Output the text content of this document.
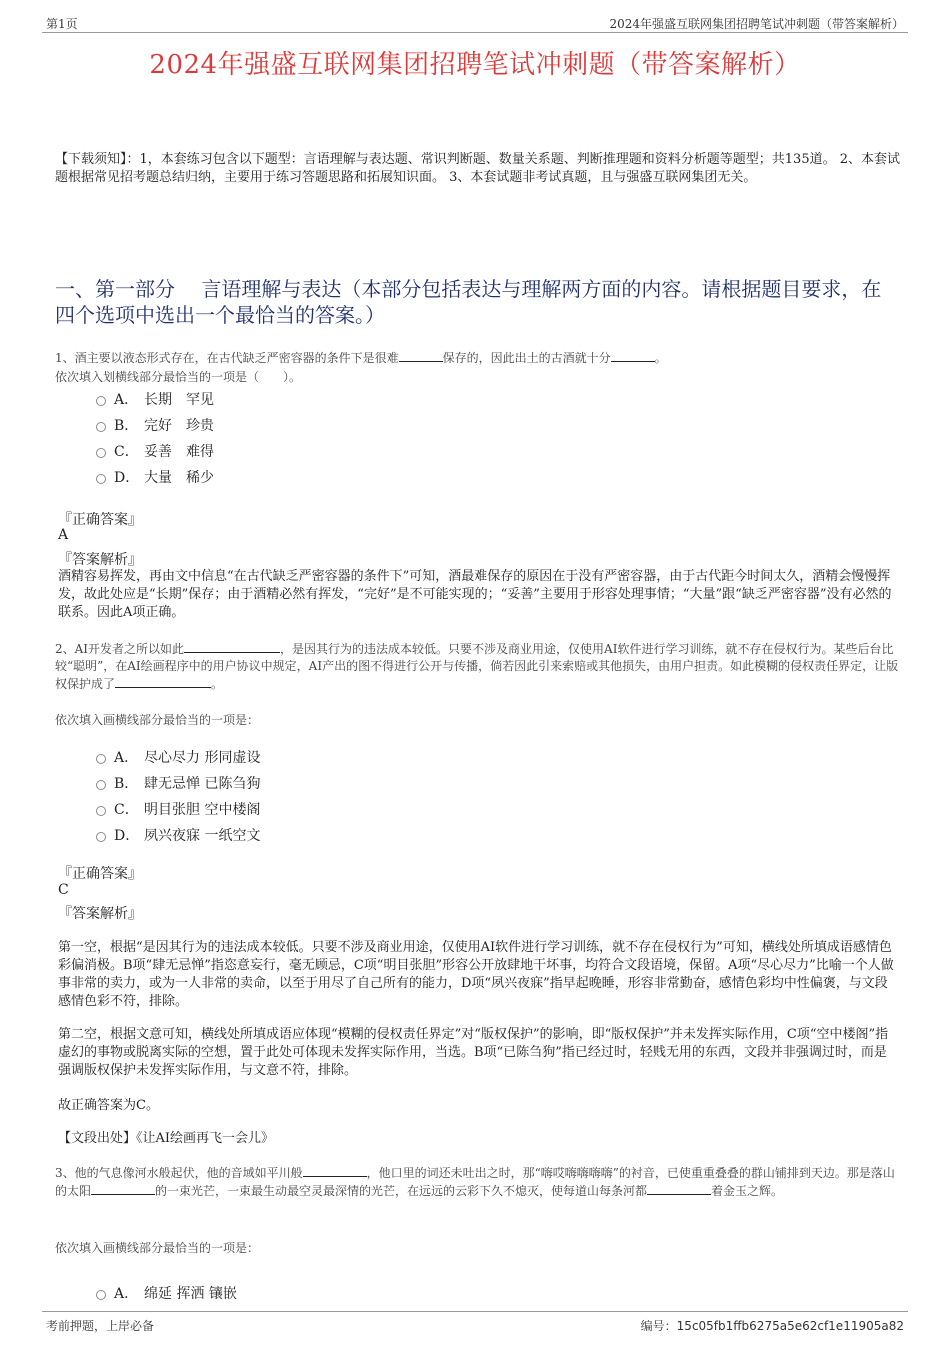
第1页	2024年强盛互联网集团招聘笔试冲刺题（带答案解析）
2024年强盛互联网集团招聘笔试冲刺题（带答案解析）
【下载须知】：1，本套练习包含以下题型：言语理解与表达题、常识判断题、数量关系题、判断推理题和资料分析题等题型；共135道。 2、本套试题根据常见招考题总结归纳，主要用于练习答题思路和拓展知识面。 3、本套试题非考试真题，且与强盛互联网集团无关。
一、第一部分　 言语理解与表达（本部分包括表达与理解两方面的内容。请根据题目要求，在四个选项中选出一个最恰当的答案。）
1、酒主要以液态形式存在，在古代缺乏严密容器的条件下是很难	保存的，因此出土的古酒就十分	。
依次填入划横线部分最恰当的一项是（　　）。
A． 长期　罕见
B． 完好　珍贵
C． 妥善　难得
D． 大量　稀少
『正确答案』
A
『答案解析』
酒精容易挥发，再由文中信息“在古代缺乏严密容器的条件下”可知，酒最难保存的原因在于没有严密容器，由于古代距今时间太久，酒精会慢慢挥发，故此处应是“长期”保存；由于酒精必然有挥发，“完好”是不可能实现的；“妥善”主要用于形容处理事情；“大量”跟“缺乏严密容器”没有必然的联系。因此A项正确。
2、AI开发者之所以如此	，是因其行为的违法成本较低。只要不涉及商业用途，仅使用AI软件进行学习训练，就不存在侵权行为。某些后台比较“聪明”，在AI绘画程序中的用户协议中规定，AI产出的图不得进行公开与传播，倘若因此引来索赔或其他损失，由用户担责。如此模糊的侵权责任界定，让版权保护成了	。
依次填入画横线部分最恰当的一项是：
A． 尽心尽力 形同虚设
B． 肆无忌惮 已陈刍狗
C． 明目张胆 空中楼阁
D． 夙兴夜寐 一纸空文
『正确答案』
C
『答案解析』
第一空，根据“是因其行为的违法成本较低。只要不涉及商业用途，仅使用AI软件进行学习训练，就不存在侵权行为”可知，横线处所填成语感情色彩偏消极。B项“肆无忌惮”指恣意妄行，毫无顾忌，C项“明目张胆”形容公开放肆地干坏事，均符合文段语境，保留。A项“尽心尽力”比喻一个人做事非常的卖力，或为一人非常的卖命，以至于用尽了自己所有的能力，D项“夙兴夜寐”指早起晚睡，形容非常勤奋，感情色彩均中性偏褒，与文段感情色彩不符，排除。
第二空，根据文意可知，横线处所填成语应体现“模糊的侵权责任界定”对“版权保护”的影响，即“版权保护”并未发挥实际作用，C项“空中楼阁”指虚幻的事物或脱离实际的空想，置于此处可体现未发挥实际作用，当选。B项“已陈刍狗”指已经过时，轻贱无用的东西，文段并非强调过时，而是强调版权保护未发挥实际作用，与文意不符，排除。
故正确答案为C。
【文段出处】《让AI绘画再飞一会儿》
3、他的气息像河水般起伏，他的音域如平川般	，他口里的词还未吐出之时，那“嗨哎嗨嗨嗨嗨”的衬音，已使重重叠叠的群山铺排到天边。那是落山的太阳	的一束光芒，一束最生动最空灵最深情的光芒，在远远的云彩下久不熄灭，使每道山每条河都	着金玉之辉。
依次填入画横线部分最恰当的一项是：
A． 绵延 挥洒 镶嵌
考前押题，上岸必备	编号：15c05fb1ffb6275a5e62cf1e11905a82
